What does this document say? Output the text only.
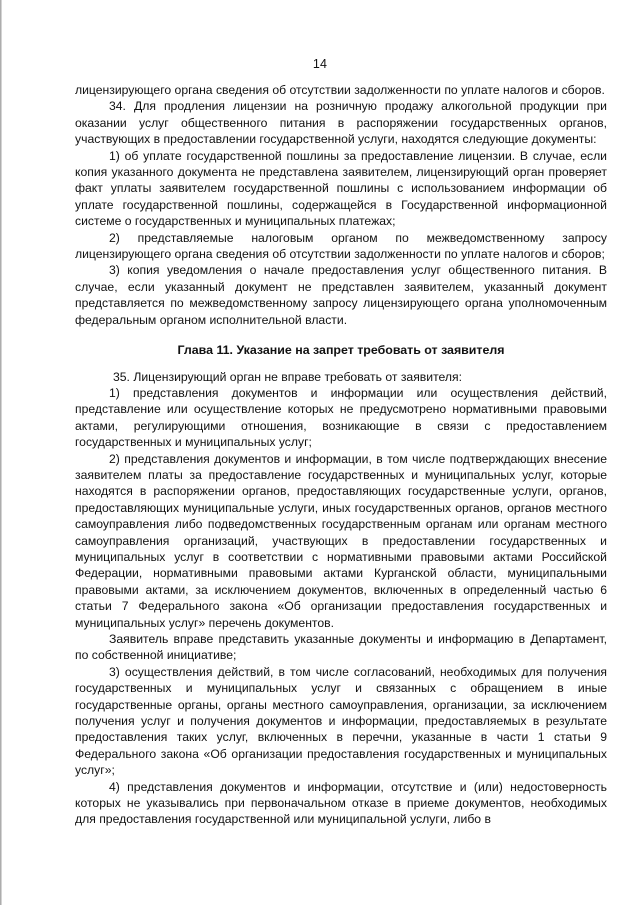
14

лицензирующего органа сведения об отсутствии задолженности по уплате налогов и сборов.

34. Для продления лицензии на розничную продажу алкогольной продукции при оказании услуг общественного питания в распоряжении государственных органов, участвующих в предоставлении государственной услуги, находятся следующие документы:

1) об уплате государственной пошлины за предоставление лицензии. В случае, если копия указанного документа не представлена заявителем, лицензирующий орган проверяет факт уплаты заявителем государственной пошлины с использованием информации об уплате государственной пошлины, содержащейся в Государственной информационной системе о государственных и муниципальных платежах;

2) представляемые налоговым органом по межведомственному запросу лицензирующего органа сведения об отсутствии задолженности по уплате налогов и сборов;

3) копия уведомления о начале предоставления услуг общественного питания. В случае, если указанный документ не представлен заявителем, указанный документ представляется по межведомственному запросу лицензирующего органа уполномоченным федеральным органом исполнительной власти.

Глава 11. Указание на запрет требовать от заявителя

35. Лицензирующий орган не вправе требовать от заявителя:

1) представления документов и информации или осуществления действий, представление или осуществление которых не предусмотрено нормативными правовыми актами, регулирующими отношения, возникающие в связи с предоставлением государственных и муниципальных услуг;

2) представления документов и информации, в том числе подтверждающих внесение заявителем платы за предоставление государственных и муниципальных услуг, которые находятся в распоряжении органов, предоставляющих государственные услуги, органов, предоставляющих муниципальные услуги, иных государственных органов, органов местного самоуправления либо подведомственных государственным органам или органам местного самоуправления организаций, участвующих в предоставлении государственных и муниципальных услуг в соответствии с нормативными правовыми актами Российской Федерации, нормативными правовыми актами Курганской области, муниципальными правовыми актами, за исключением документов, включенных в определенный частью 6 статьи 7 Федерального закона «Об организации предоставления государственных и муниципальных услуг» перечень документов.

Заявитель вправе представить указанные документы и информацию в Департамент, по собственной инициативе;

3) осуществления действий, в том числе согласований, необходимых для получения государственных и муниципальных услуг и связанных с обращением в иные государственные органы, органы местного самоуправления, организации, за исключением получения услуг и получения документов и информации, предоставляемых в результате предоставления таких услуг, включенных в перечни, указанные в части 1 статьи 9 Федерального закона «Об организации предоставления государственных и муниципальных услуг»;

4) представления документов и информации, отсутствие и (или) недостоверность которых не указывались при первоначальном отказе в приеме документов, необходимых для предоставления государственной или муниципальной услуги, либо в
